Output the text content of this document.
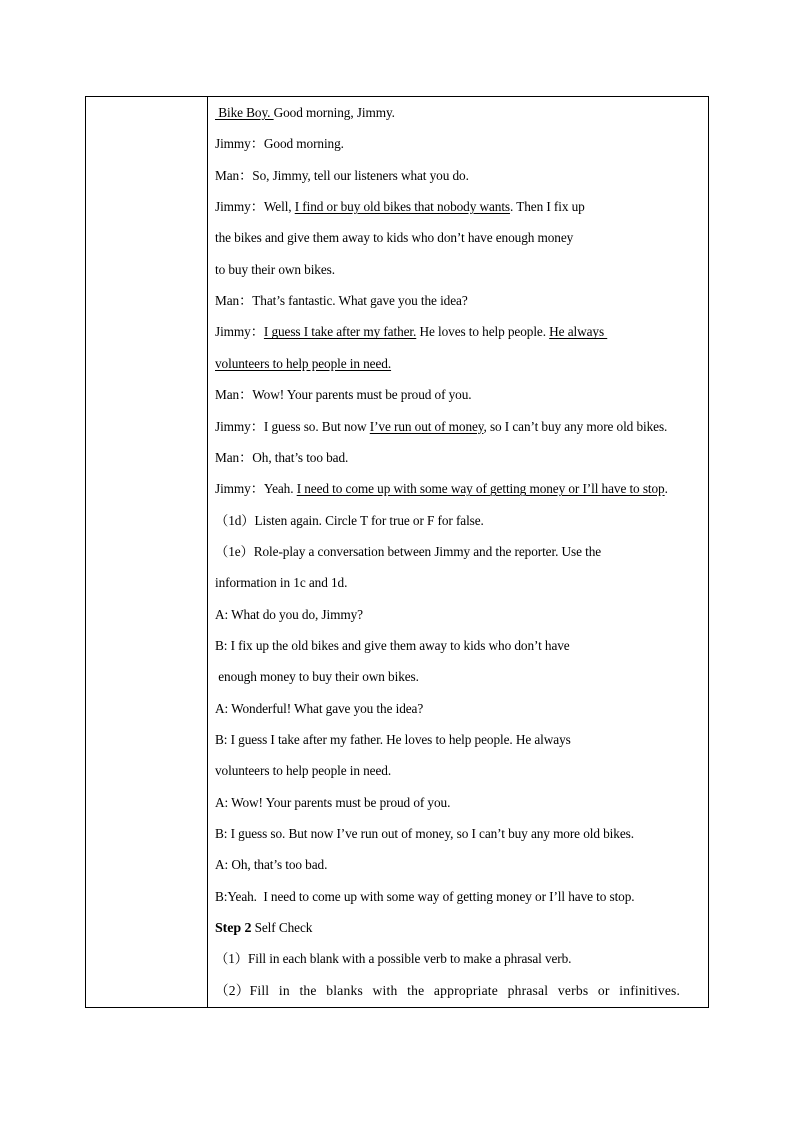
Bike Boy. Good morning, Jimmy.
Jimmy：Good morning.
Man：So, Jimmy, tell our listeners what you do.
Jimmy：Well, I find or buy old bikes that nobody wants. Then I fix up
the bikes and give them away to kids who don’t have enough money
to buy their own bikes.
Man：That’s fantastic. What gave you the idea?
Jimmy：I guess I take after my father. He loves to help people. He always
volunteers to help people in need.
Man：Wow! Your parents must be proud of you.
Jimmy：I guess so. But now I’ve run out of money, so I can’t buy any more old bikes.
Man：Oh, that’s too bad.
Jimmy：Yeah. I need to come up with some way of getting money or I’ll have to stop.
（1d）Listen again. Circle T for true or F for false.
（1e）Role-play a conversation between Jimmy and the reporter. Use the
information in 1c and 1d.
A: What do you do, Jimmy?
B: I fix up the old bikes and give them away to kids who don’t have
enough money to buy their own bikes.
A: Wonderful! What gave you the idea?
B: I guess I take after my father. He loves to help people. He always
volunteers to help people in need.
A: Wow! Your parents must be proud of you.
B: I guess so. But now I’ve run out of money, so I can’t buy any more old bikes.
A: Oh, that’s too bad.
B:Yeah.  I need to come up with some way of getting money or I’ll have to stop.
Step 2 Self Check
（1）Fill in each blank with a possible verb to make a phrasal verb.
（2）Fill in the blanks with the appropriate phrasal verbs or infinitives.
